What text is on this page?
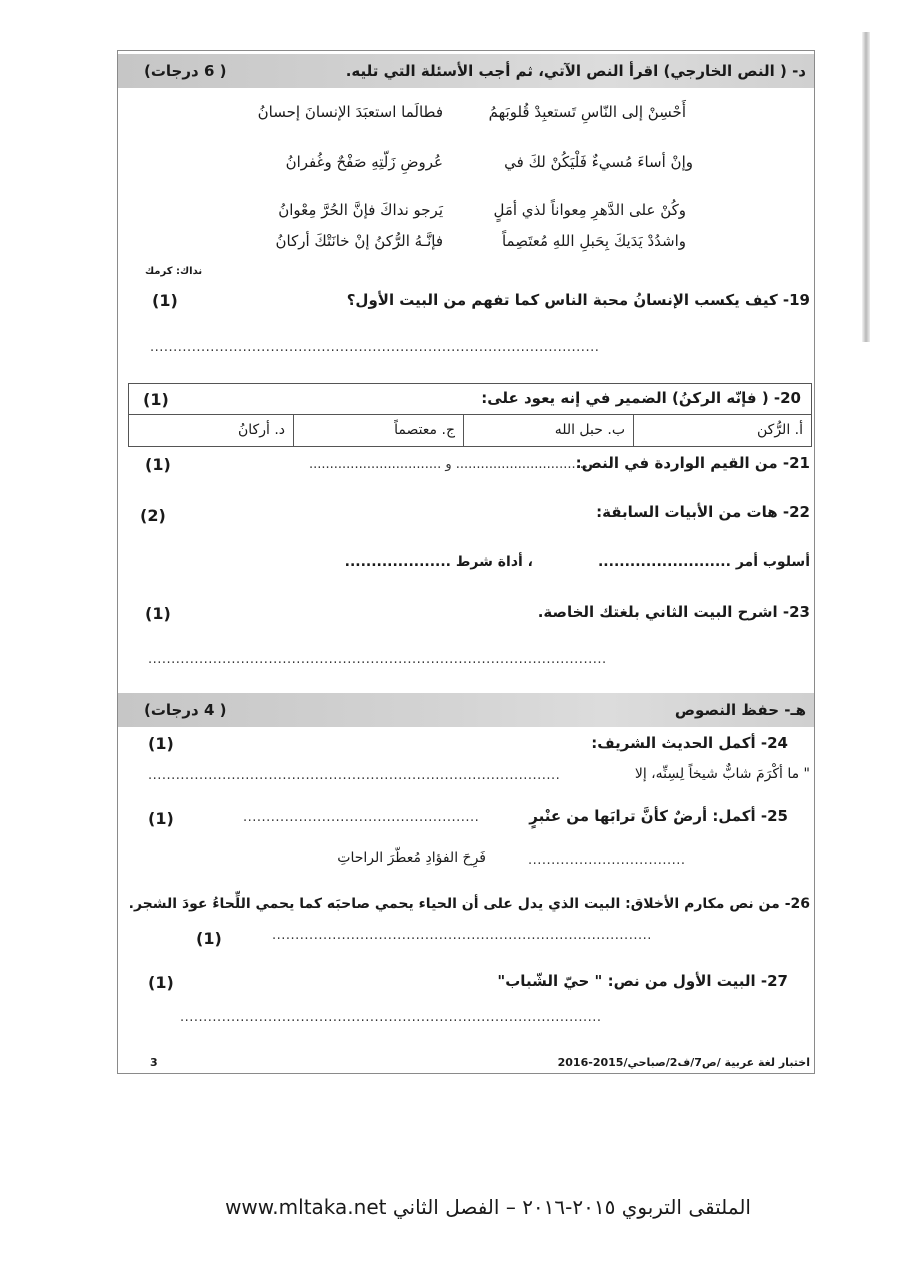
د- ( النص الخارجي) اقرأ النص الآتي، ثم أجب الأسئلة التي تليه.
( 6 درجات)
أَحْسِنْ إلى النّاسِ تَستعبِدْ قُلوبَهمُ
فطالَما استعبَدَ الإنسانَ إحسانُ
وإنْ أساءَ مُسيءٌ فَلْيَكُنْ لكَ في
عُروضِ زَلّتِهِ صَفْحٌ وغُفرانُ
وكُنْ على الدَّهرِ مِعواناً لذي أمَلٍ
يَرجو نداكَ فإنَّ الحُرَّ مِعْوانُ
واشدُدْ يَدَيكَ بِحَبلِ اللهِ مُعتَصِماً
فإنَّـهُ الرُّكنُ إنْ خانَتْكَ أركانُ
نداك: كرمك
19- كيف يكسب الإنسانُ محبة الناس كما تفهم من البيت الأول؟
(1)
.................................................................................................
20- ( فإنّه الركنُ) الضمير في إنه يعود على:
(1)
أ. الرُّكن
ب. حبل الله
ج. معتصماً
د. أركانُ
21- من القيم الواردة في النص:
................................ و ................................
(1)
22- هات من الأبيات السابقة:
(2)
أسلوب أمر .........................
، أداة شرط ....................
23- اشرح البيت الثاني بلغتك الخاصة.
(1)
...................................................................................................
هـ- حفظ النصوص
( 4 درجات)
24- أكمل الحديث الشريف:
(1)
" ما أكْرَمَ شابٌّ شيخاً لِسِنِّه، إلا
.........................................................................................
25- أكمل: أرضٌ كأنَّ ترابَها من عنْبرٍ
...................................................
(1)
فَرِحَ الفؤادِ مُعطّرَ الراحاتِ	..................................
26- من نص مكارم الأخلاق: البيت الذي يدل على أن الحياء يحمي صاحبَه كما يحمي اللِّحاءُ عودَ الشجر.
..................................................................................
(1)
27- البيت الأول من نص: " حيّ الشّباب"
(1)
...........................................................................................
اختبار لغة عربية /ص7/ف2/صباحي/2015-2016
3
www.mltaka.net الملتقى التربوي ٢٠١٥-٢٠١٦ – الفصل الثاني
